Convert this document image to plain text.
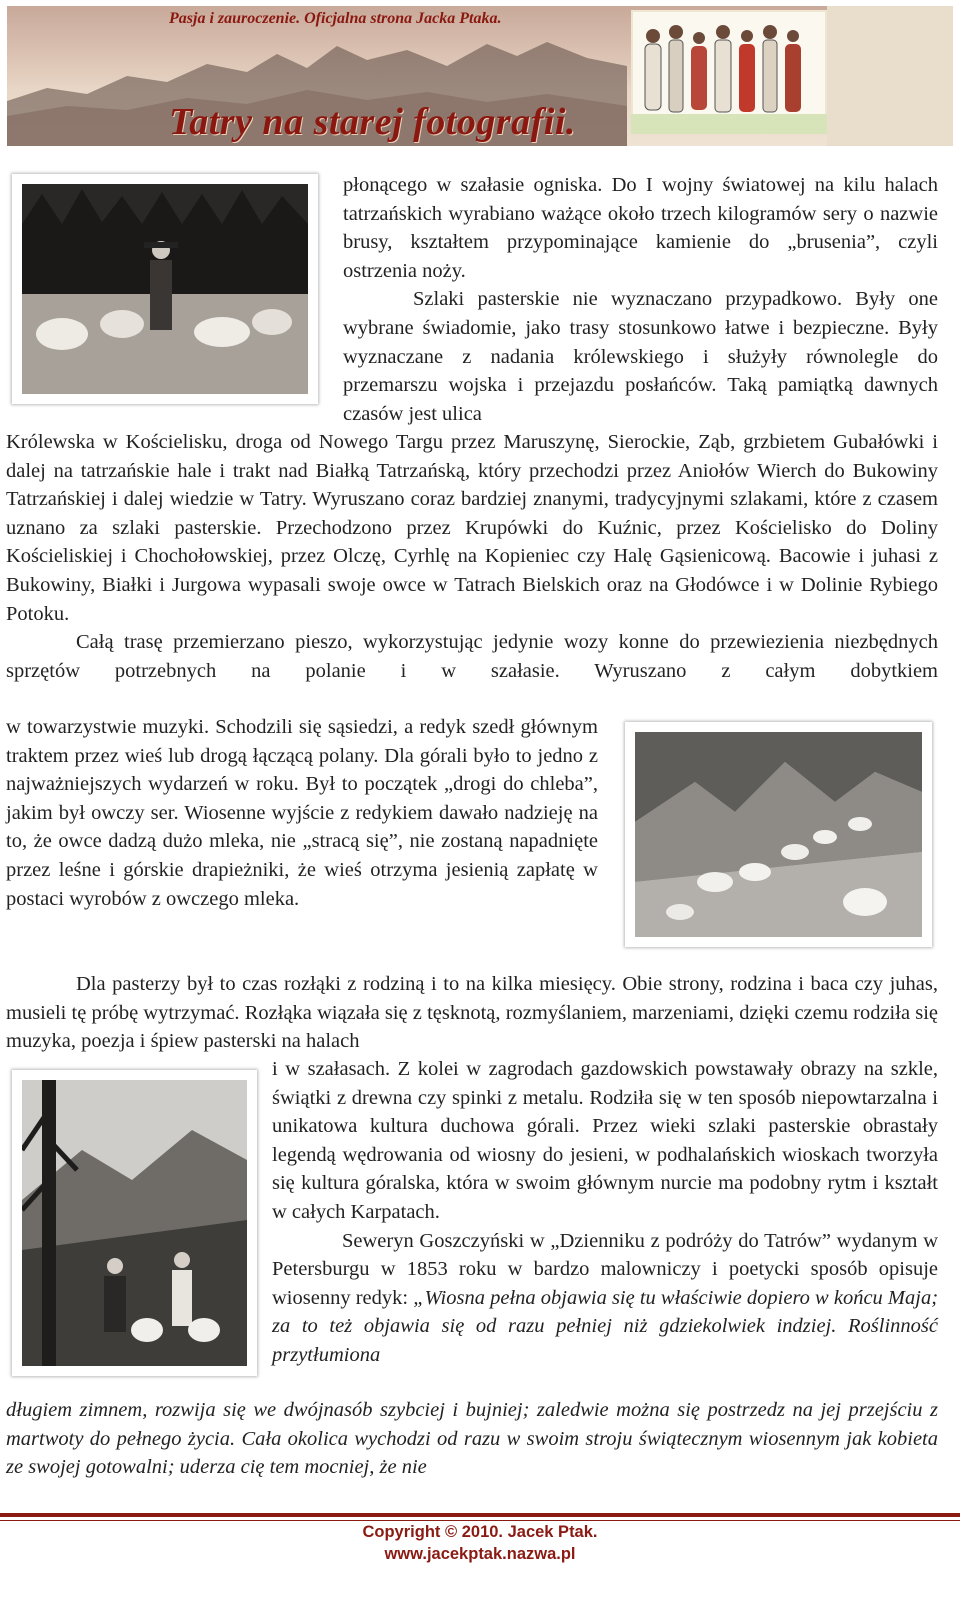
Pasja i zauroczenie. Oficjalna strona Jacka Ptaka.
Tatry na starej fotografii.

płonącego w szałasie ogniska. Do I wojny światowej na kilu halach tatrzańskich wyrabiano ważące około trzech kilogramów sery o nazwie brusy, kształtem przypominające kamienie do „brusenia”, czyli ostrzenia noży.

Szlaki pasterskie nie wyznaczano przypadkowo. Były one wybrane świadomie, jako trasy stosunkowo łatwe i bezpieczne. Były wyznaczane z nadania królewskiego i służyły równolegle do przemarszu wojska i przejazdu posłańców. Taką pamiątką dawnych czasów jest ulica

Królewska w Kościelisku, droga od Nowego Targu przez Maruszynę, Sierockie, Ząb, grzbietem Gubałówki i dalej na tatrzańskie hale i trakt nad Białką Tatrzańską, który przechodzi przez Aniołów Wierch do Bukowiny Tatrzańskiej i dalej wiedzie w Tatry. Wyruszano coraz bardziej znanymi, tradycyjnymi szlakami, które z czasem uznano za szlaki pasterskie. Przechodzono przez Krupówki do Kuźnic, przez Kościelisko do Doliny Kościeliskiej i Chochołowskiej, przez Olczę, Cyrhlę na Kopieniec czy Halę Gąsienicową. Bacowie i juhasi z Bukowiny, Białki i Jurgowa wypasali swoje owce w Tatrach Bielskich oraz na Głodówce i w Dolinie Rybiego Potoku.

Całą trasę przemierzano pieszo, wykorzystując jedynie wozy konne do przewiezienia niezbędnych sprzętów potrzebnych na polanie i w szałasie. Wyruszano z całym dobytkiem

w towarzystwie muzyki. Schodzili się sąsiedzi, a redyk szedł głównym traktem przez wieś lub drogą łączącą polany. Dla górali było to jedno z najważniejszych wydarzeń w roku. Był to początek „drogi do chleba”, jakim był owczy ser. Wiosenne wyjście z redykiem dawało nadzieję na to, że owce dadzą dużo mleka, nie „stracą się”, nie zostaną napadnięte przez leśne i górskie drapieżniki, że wieś otrzyma jesienią zapłatę w postaci wyrobów z owczego mleka.

Dla pasterzy był to czas rozłąki z rodziną i to na kilka miesięcy. Obie strony, rodzina i baca czy juhas, musieli tę próbę wytrzymać. Rozłąka wiązała się z tęsknotą, rozmyślaniem, marzeniami, dzięki czemu rodziła się muzyka, poezja i śpiew pasterski na halach

i w szałasach. Z kolei w zagrodach gazdowskich powstawały obrazy na szkle, świątki z drewna czy spinki z metalu. Rodziła się w ten sposób niepowtarzalna i unikatowa kultura duchowa górali. Przez wieki szlaki pasterskie obrastały legendą wędrowania od wiosny do jesieni, w podhalańskich wioskach tworzyła się kultura góralska, która w swoim głównym nurcie ma podobny rytm i kształt w całych Karpatach.

Seweryn Goszczyński w „Dzienniku z podróży do Tatrów” wydanym w Petersburgu w 1853 roku w bardzo malowniczy i poetycki sposób opisuje wiosenny redyk: „Wiosna pełna objawia się tu właściwie dopiero w końcu Maja; za to też objawia się od razu pełniej niż gdziekolwiek indziej. Roślinność przytłumiona

długiem zimnem, rozwija się we dwójnasób szybciej i bujniej; zaledwie można się postrzedz na jej przejściu z martwoty do pełnego życia. Cała okolica wychodzi od razu w swoim stroju świątecznym wiosennym jak kobieta ze swojej gotowalni; uderza cię tem mocniej, że nie

Copyright © 2010. Jacek Ptak.
www.jacekptak.nazwa.pl
